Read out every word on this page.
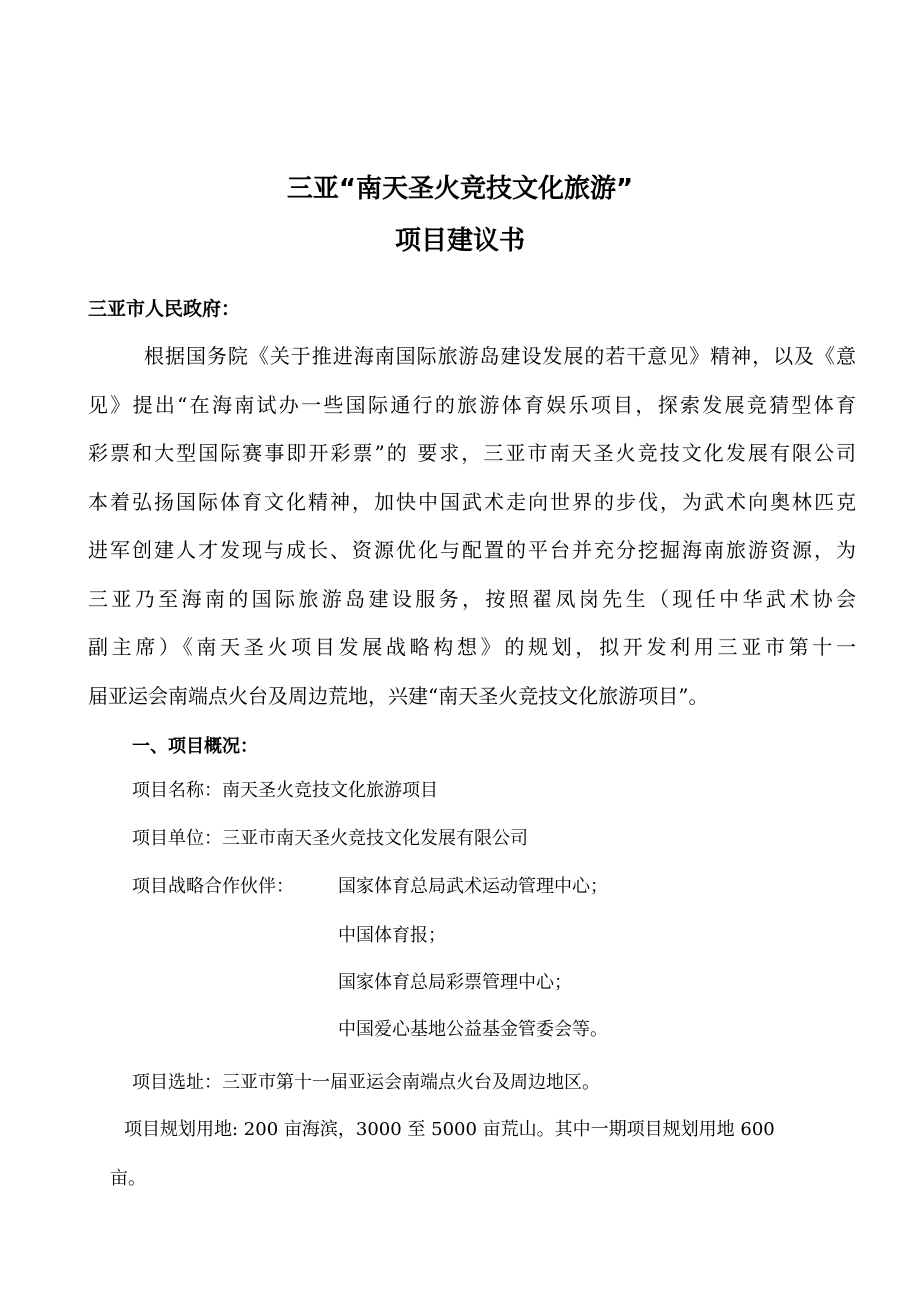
三亚“南天圣火竞技文化旅游”
项目建议书
三亚市人民政府：
根据国务院《关于推进海南国际旅游岛建设发展的若干意见》精神，以及《意
见》提出“在海南试办一些国际通行的旅游体育娱乐项目，探索发展竞猜型体育
彩票和大型国际赛事即开彩票”的 要求，三亚市南天圣火竞技文化发展有限公司
本着弘扬国际体育文化精神，加快中国武术走向世界的步伐，为武术向奥林匹克
进军创建人才发现与成长、资源优化与配置的平台并充分挖掘海南旅游资源，为
三亚乃至海南的国际旅游岛建设服务，按照翟凤岗先生（现任中华武术协会
副主席）《南天圣火项目发展战略构想》的规划，拟开发利用三亚市第十一
届亚运会南端点火台及周边荒地，兴建“南天圣火竞技文化旅游项目”。
一、项目概况：
项目名称：南天圣火竞技文化旅游项目
项目单位：三亚市南天圣火竞技文化发展有限公司
项目战略合作伙伴： 国家体育总局武术运动管理中心；
中国体育报；
国家体育总局彩票管理中心；
中国爱心基地公益基金管委会等。
项目选址：三亚市第十一届亚运会南端点火台及周边地区。
项目规划用地: 200 亩海滨，3000 至 5000 亩荒山。其中一期项目规划用地 600
亩。
